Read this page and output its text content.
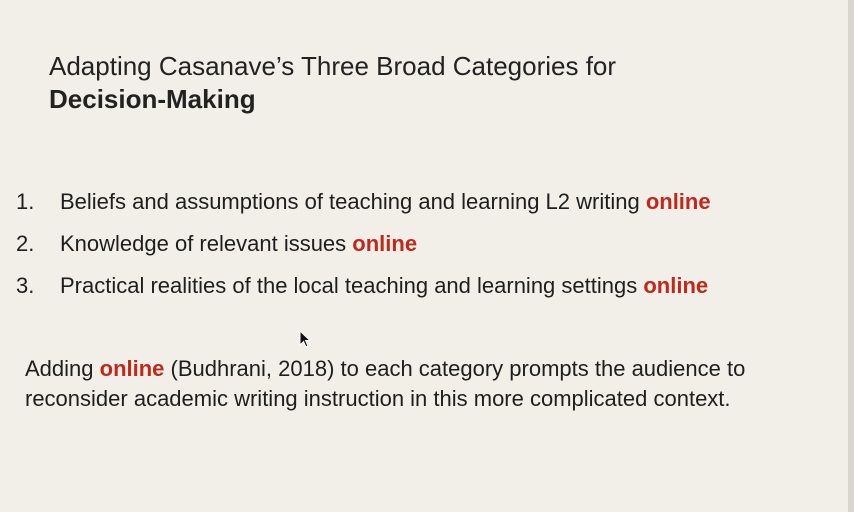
Adapting Casanave’s Three Broad Categories for
Decision-Making
1. Beliefs and assumptions of teaching and learning L2 writing online
2. Knowledge of relevant issues online
3. Practical realities of the local teaching and learning settings online
Adding online (Budhrani, 2018) to each category prompts the audience to
reconsider academic writing instruction in this more complicated context.
